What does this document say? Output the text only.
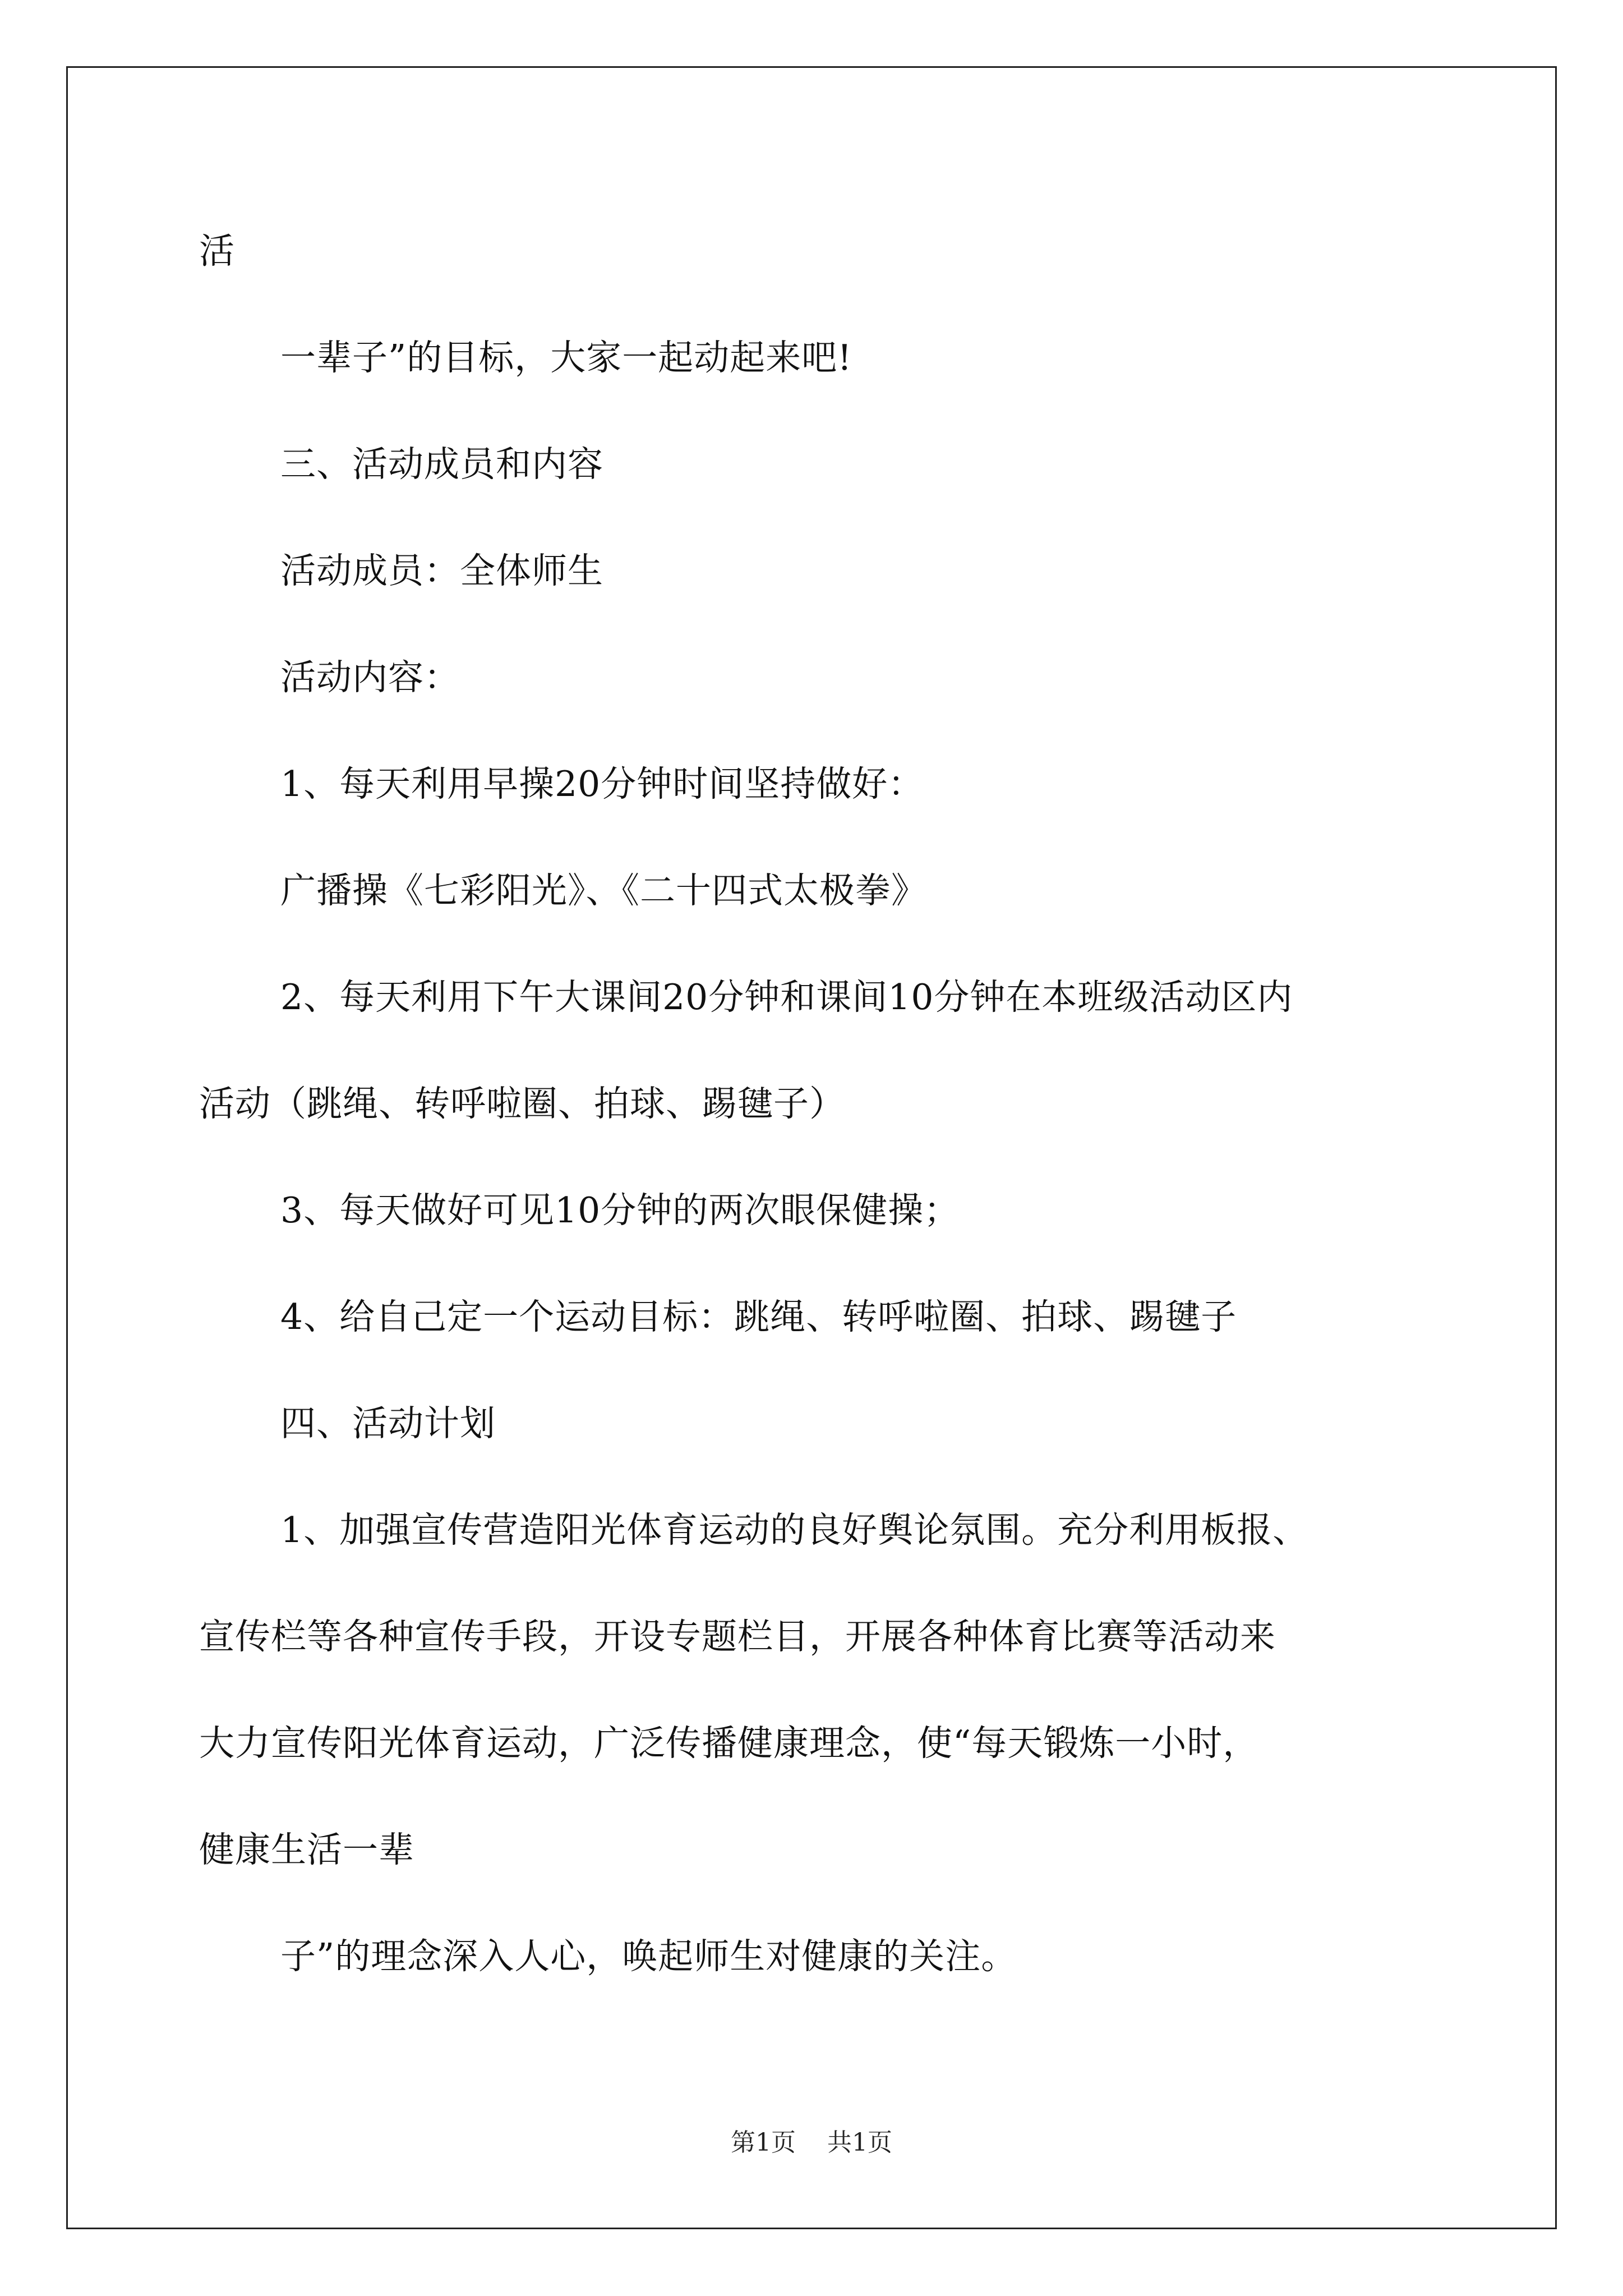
活
一辈子”的目标，大家一起动起来吧!
三、活动成员和内容
活动成员：全体师生
活动内容：
1、每天利用早操20分钟时间坚持做好：
广播操《七彩阳光》、《二十四式太极拳》
2、每天利用下午大课间20分钟和课间10分钟在本班级活动区内
活动（跳绳、转呼啦圈、拍球、踢毽子）
3、每天做好可见10分钟的两次眼保健操；
4、给自己定一个运动目标：跳绳、转呼啦圈、拍球、踢毽子
四、活动计划
1、加强宣传营造阳光体育运动的良好舆论氛围。充分利用板报、
宣传栏等各种宣传手段，开设专题栏目，开展各种体育比赛等活动来
大力宣传阳光体育运动，广泛传播健康理念，使“每天锻炼一小时，
健康生活一辈
子”的理念深入人心，唤起师生对健康的关注。
第1页 共1页
